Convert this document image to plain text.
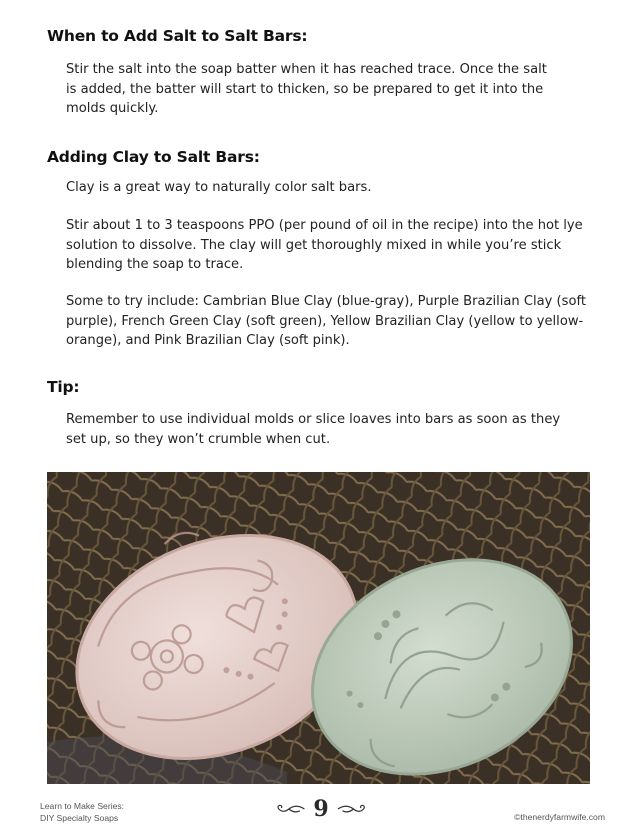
When to Add Salt to Salt Bars:

Stir the salt into the soap batter when it has reached trace. Once the salt is added, the batter will start to thicken, so be prepared to get it into the molds quickly.

Adding Clay to Salt Bars:

Clay is a great way to naturally color salt bars.

Stir about 1 to 3 teaspoons PPO (per pound of oil in the recipe) into the hot lye solution to dissolve. The clay will get thoroughly mixed in while you’re stick blending the soap to trace.

Some to try include: Cambrian Blue Clay (blue-gray), Purple Brazilian Clay (soft purple), French Green Clay (soft green), Yellow Brazilian Clay (yellow to yellow-orange), and Pink Brazilian Clay (soft pink).

Tip:

Remember to use individual molds or slice loaves into bars as soon as they set up, so they won’t crumble when cut.

Learn to Make Series:
DIY Specialty Soaps	9	©thenerdyfarmwife.com
